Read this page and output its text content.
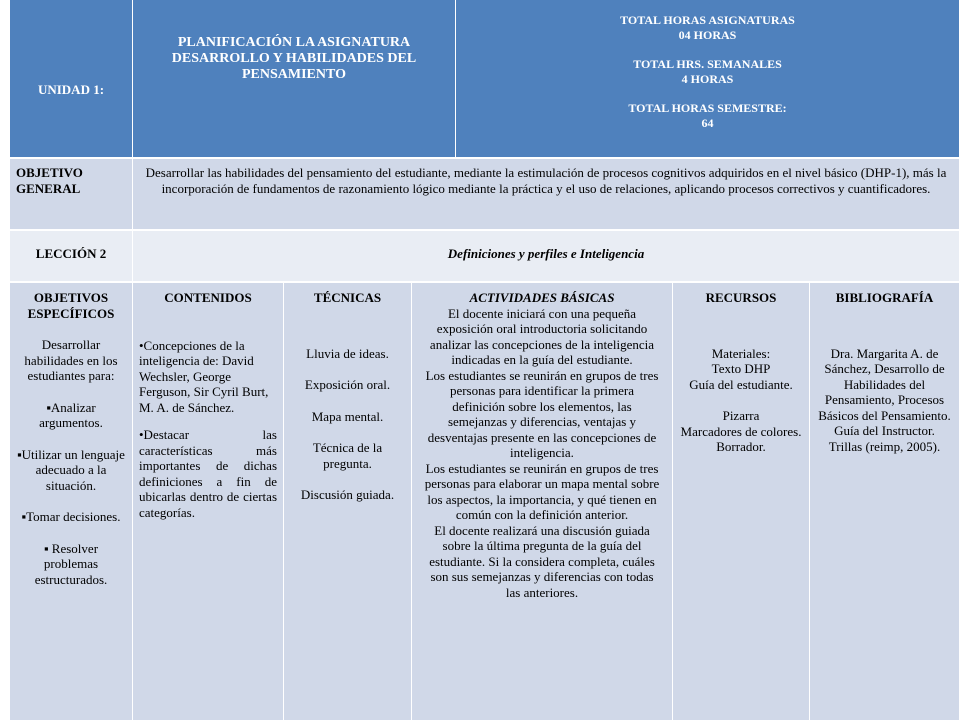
UNIDAD 1:

PLANIFICACIÓN LA ASIGNATURA DESARROLLO Y HABILIDADES DEL PENSAMIENTO

TOTAL HORAS ASIGNATURAS

04 HORAS

TOTAL HRS. SEMANALES

4 HORAS

TOTAL HORAS SEMESTRE:

64

OBJETIVO GENERAL

Desarrollar las habilidades del pensamiento del estudiante, mediante la estimulación de procesos cognitivos adquiridos en el nivel básico (DHP-1), más la incorporación de fundamentos de razonamiento lógico mediante la práctica y el uso de relaciones, aplicando procesos correctivos y cuantificadores.

LECCIÓN 2	Definiciones y perfiles e Inteligencia

OBJETIVOS ESPECÍFICOS

Desarrollar habilidades en los estudiantes para:

▪Analizar argumentos.

▪Utilizar un lenguaje adecuado a la situación.

▪Tomar decisiones.

▪ Resolver problemas estructurados.

CONTENIDOS

•Concepciones de la inteligencia de: David Wechsler, George Ferguson, Sir Cyril Burt, M. A. de Sánchez.

•Destacar las características más importantes de dichas definiciones a fin de ubicarlas dentro de ciertas categorías.

TÉCNICAS

Lluvia de ideas.

Exposición oral.

Mapa mental.

Técnica de la pregunta.

Discusión guiada.

ACTIVIDADES BÁSICAS

El docente iniciará con una pequeña exposición oral introductoria solicitando analizar las concepciones de la inteligencia indicadas en la guía del estudiante.

Los estudiantes se reunirán en grupos de tres personas para identificar la primera definición sobre los elementos, las semejanzas y diferencias, ventajas y desventajas presente en las concepciones de inteligencia.

Los estudiantes se reunirán en grupos de tres personas para elaborar un mapa mental sobre los aspectos, la importancia, y qué tienen en común con la definición anterior.

El docente realizará una discusión guiada sobre la última pregunta de la guía del estudiante. Si la considera completa, cuáles son sus semejanzas y diferencias con todas las anteriores.

RECURSOS

Materiales:

Texto DHP

Guía del estudiante.

Pizarra

Marcadores de colores.

Borrador.

BIBLIOGRAFÍA

Dra. Margarita A. de Sánchez, Desarrollo de Habilidades del Pensamiento, Procesos Básicos del Pensamiento. Guía del Instructor. Trillas (reimp, 2005).
